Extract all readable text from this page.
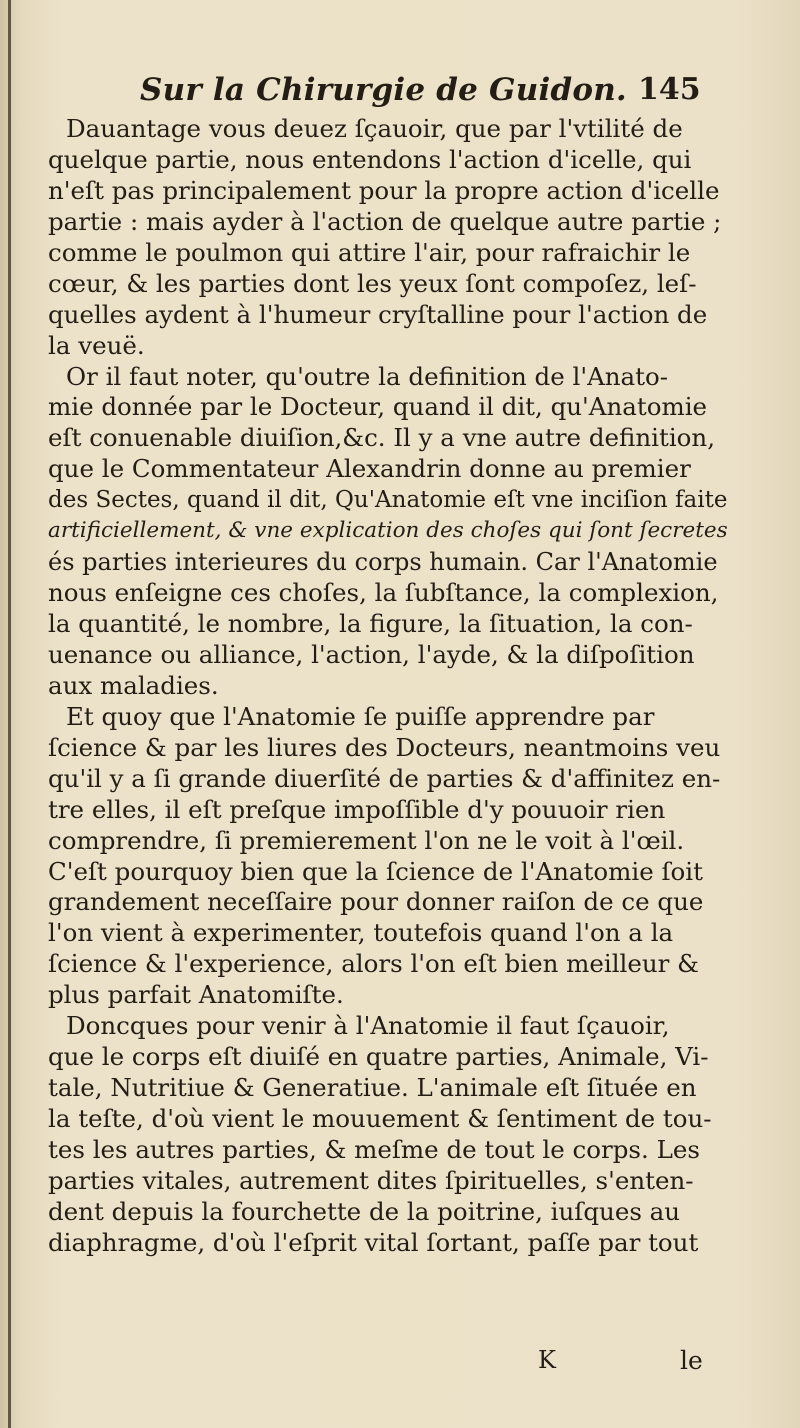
Sur la Chirurgie de Guidon. 145
Dauantage vous deuez ſçauoir, que par l'vtilité de
quelque partie, nous entendons l'action d'icelle, qui
n'eſt pas principalement pour la propre action d'icelle
partie : mais ayder à l'action de quelque autre partie ;
comme le poulmon qui attire l'air, pour rafraichir le
cœur, & les parties dont les yeux ſont compoſez, leſ-
quelles aydent à l'humeur cryſtalline pour l'action de
la veuë.
Or il faut noter, qu'outre la definition de l'Anato-
mie donnée par le Docteur, quand il dit, qu'Anatomie
eſt conuenable diuiſion,&c. Il y a vne autre definition,
que le Commentateur Alexandrin donne au premier
des Sectes, quand il dit, Qu'Anatomie eſt vne inciſion faite
artificiellement, & vne explication des choſes qui ſont ſecretes
és parties interieures du corps humain. Car l'Anatomie
nous enſeigne ces choſes, la ſubſtance, la complexion,
la quantité, le nombre, la figure, la ſituation, la con-
uenance ou alliance, l'action, l'ayde, & la diſpoſition
aux maladies.
Et quoy que l'Anatomie ſe puiſſe apprendre par
ſcience & par les liures des Docteurs, neantmoins veu
qu'il y a ſi grande diuerſité de parties & d'affinitez en-
tre elles, il eſt preſque impoſſible d'y pouuoir rien
comprendre, ſi premierement l'on ne le voit à l'œil.
C'eſt pourquoy bien que la ſcience de l'Anatomie ſoit
grandement neceſſaire pour donner raiſon de ce que
l'on vient à experimenter, toutefois quand l'on a la
ſcience & l'experience, alors l'on eſt bien meilleur &
plus parfait Anatomiſte.
Doncques pour venir à l'Anatomie il faut ſçauoir,
que le corps eſt diuiſé en quatre parties, Animale, Vi-
tale, Nutritiue & Generatiue. L'animale eſt ſituée en
la teſte, d'où vient le mouuement & ſentiment de tou-
tes les autres parties, & meſme de tout le corps. Les
parties vitales, autrement dites ſpirituelles, s'enten-
dent depuis la fourchette de la poitrine, iuſques au
diaphragme, d'où l'eſprit vital ſortant, paſſe par tout
K	le
